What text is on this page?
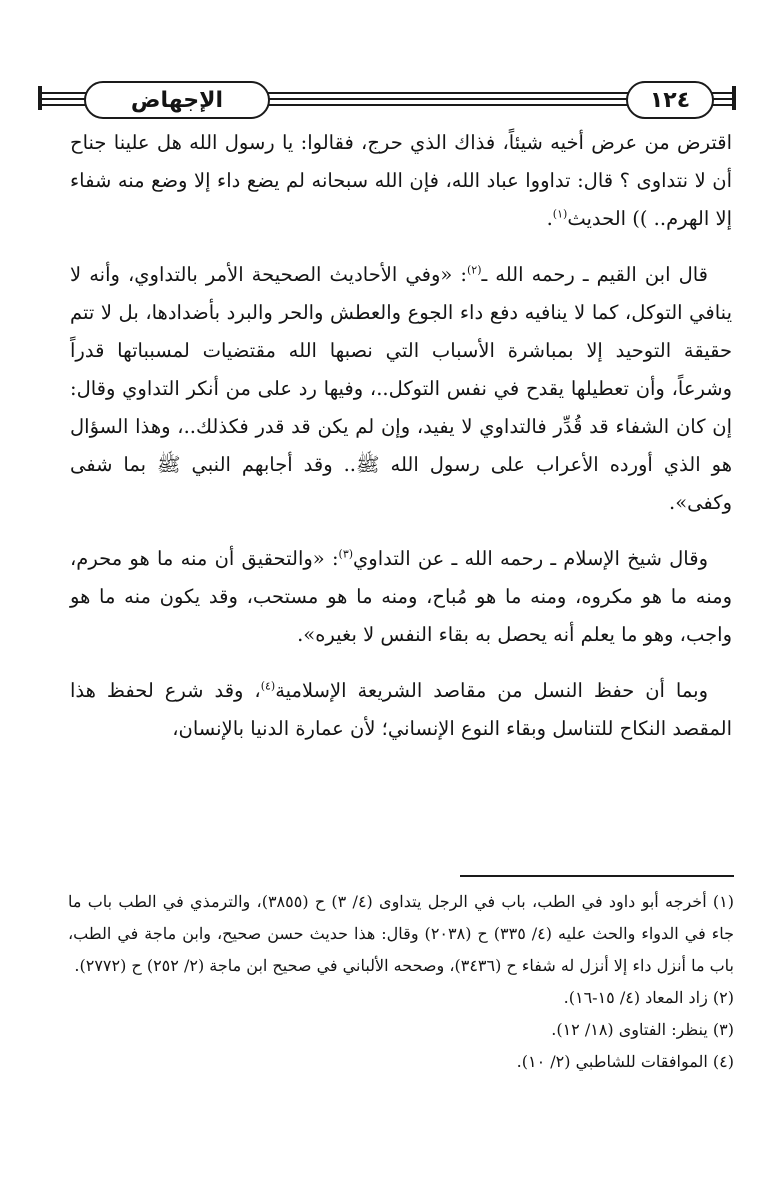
الإجهاض	١٢٤

اقترض من عرض أخيه شيئاً، فذاك الذي حرج، فقالوا: يا رسول الله هل علينا جناح أن لا نتداوى ؟ قال: تداووا عباد الله، فإن الله سبحانه لم يضع داء إلا وضع منه شفاء إلا الهرم.. )) الحديث$^{(١)}$.

قال ابن القيم ـ رحمه الله ـ$^{(٢)}$: «وفي الأحاديث الصحيحة الأمر بالتداوي، وأنه لا ينافي التوكل، كما لا ينافيه دفع داء الجوع والعطش والحر والبرد بأضدادها، بل لا تتم حقيقة التوحيد إلا بمباشرة الأسباب التي نصبها الله مقتضيات لمسبباتها قدراً وشرعاً، وأن تعطيلها يقدح في نفس التوكل..، وفيها رد على من أنكر التداوي وقال: إن كان الشفاء قد قُدِّر فالتداوي لا يفيد، وإن لم يكن قد قدر فكذلك..، وهذا السؤال هو الذي أورده الأعراب على رسول الله ﷺ.. وقد أجابهم النبي ﷺ بما شفى وكفى».

وقال شيخ الإسلام ـ رحمه الله ـ عن التداوي$^{(٣)}$: «والتحقيق أن منه ما هو محرم، ومنه ما هو مكروه، ومنه ما هو مُباح، ومنه ما هو مستحب، وقد يكون منه ما هو واجب، وهو ما يعلم أنه يحصل به بقاء النفس لا بغيره».

وبما أن حفظ النسل من مقاصد الشريعة الإسلامية$^{(٤)}$، وقد شرع لحفظ هذا المقصد النكاح للتناسل وبقاء النوع الإنساني؛ لأن عمارة الدنيا بالإنسان،

(١) أخرجه أبو داود في الطب، باب في الرجل يتداوى (٤/ ٣) ح (٣٨٥٥)، والترمذي في الطب باب ما جاء في الدواء والحث عليه (٤/ ٣٣٥) ح (٢٠٣٨) وقال: هذا حديث حسن صحيح، وابن ماجة في الطب، باب ما أنزل داء إلا أنزل له شفاء ح (٣٤٣٦)، وصححه الألباني في صحيح ابن ماجة (٢/ ٢٥٢) ح (٢٧٧٢).

(٢) زاد المعاد (٤/ ١٥-١٦).

(٣) ينظر: الفتاوى (١٨/ ١٢).

(٤) الموافقات للشاطبي (٢/ ١٠).
